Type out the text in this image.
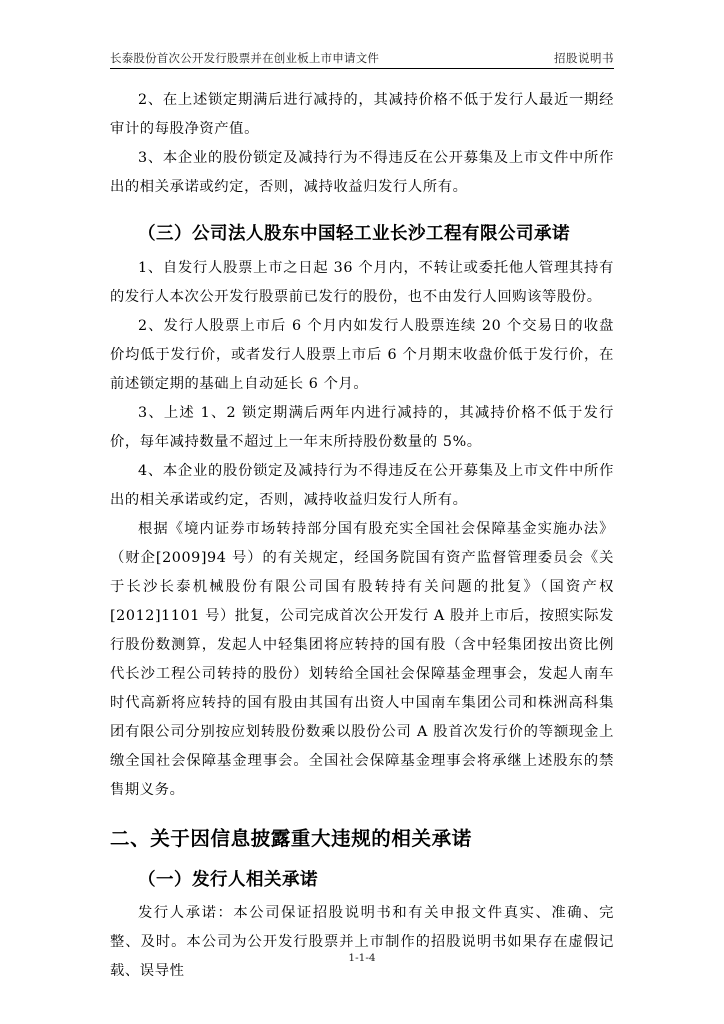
长泰股份首次公开发行股票并在创业板上市申请文件	招股说明书

2、在上述锁定期满后进行减持的，其减持价格不低于发行人最近一期经审计的每股净资产值。

3、本企业的股份锁定及减持行为不得违反在公开募集及上市文件中所作出的相关承诺或约定，否则，减持收益归发行人所有。

（三）公司法人股东中国轻工业长沙工程有限公司承诺

1、自发行人股票上市之日起 36 个月内，不转让或委托他人管理其持有的发行人本次公开发行股票前已发行的股份，也不由发行人回购该等股份。

2、发行人股票上市后 6 个月内如发行人股票连续 20 个交易日的收盘价均低于发行价，或者发行人股票上市后 6 个月期末收盘价低于发行价，在前述锁定期的基础上自动延长 6 个月。

3、上述 1、2 锁定期满后两年内进行减持的，其减持价格不低于发行价，每年减持数量不超过上一年末所持股份数量的 5%。

4、本企业的股份锁定及减持行为不得违反在公开募集及上市文件中所作出的相关承诺或约定，否则，减持收益归发行人所有。

根据《境内证券市场转持部分国有股充实全国社会保障基金实施办法》（财企[2009]94 号）的有关规定，经国务院国有资产监督管理委员会《关于长沙长泰机械股份有限公司国有股转持有关问题的批复》（国资产权[2012]1101 号）批复，公司完成首次公开发行 A 股并上市后，按照实际发行股份数测算，发起人中轻集团将应转持的国有股（含中轻集团按出资比例代长沙工程公司转持的股份）划转给全国社会保障基金理事会，发起人南车时代高新将应转持的国有股由其国有出资人中国南车集团公司和株洲高科集团有限公司分别按应划转股份数乘以股份公司 A 股首次发行价的等额现金上缴全国社会保障基金理事会。全国社会保障基金理事会将承继上述股东的禁售期义务。

二、关于因信息披露重大违规的相关承诺
（一）发行人相关承诺

发行人承诺：本公司保证招股说明书和有关申报文件真实、准确、完整、及时。本公司为公开发行股票并上市制作的招股说明书如果存在虚假记载、误导性

1-1-4
